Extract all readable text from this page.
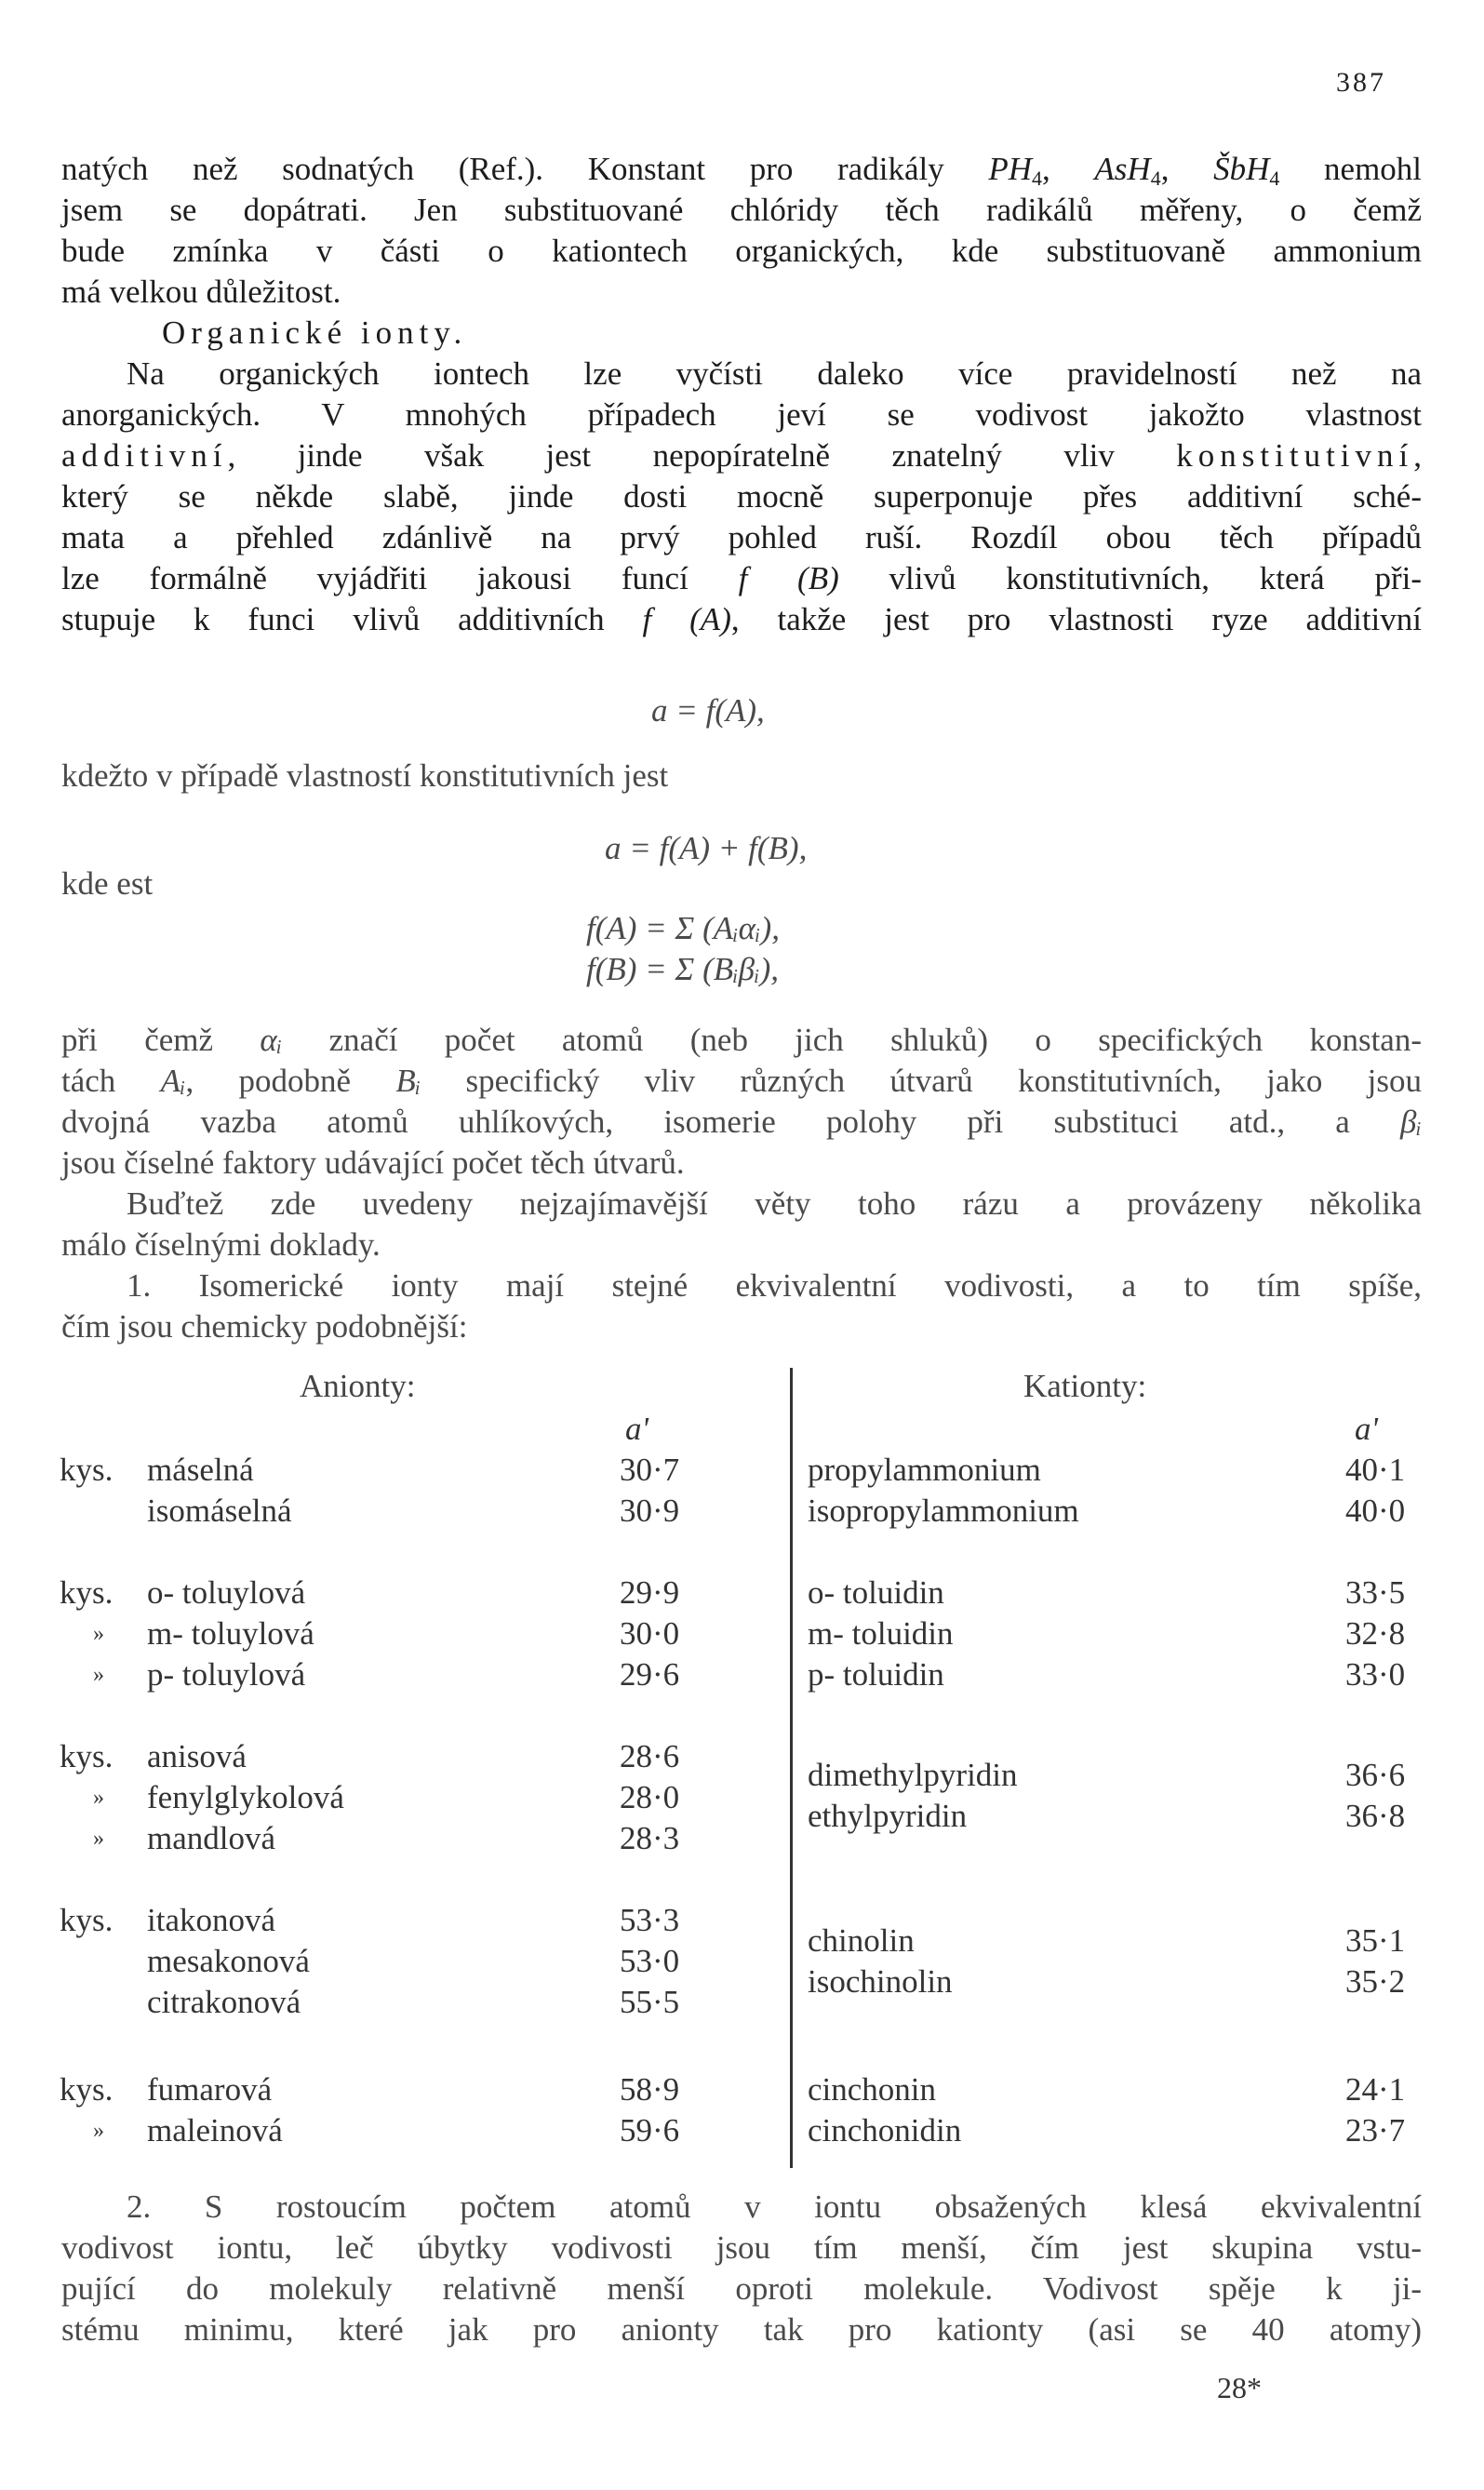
387
natých než sodnatých (Ref.). Konstant pro radikály $PH_4$, AsH$_4$, ŠbH$_4$ nemohl
jsem se dopátrati. Jen substituované chlóridy těch radikálů měřeny, o čemž
bude zmínka v části o kationtech organických, kde substituovaně ammonium
má velkou důležitost.
Organické ionty.
Na organických iontech lze vyčísti daleko více pravidelností než na
anorganických. V mnohých případech jeví se vodivost jakožto vlastnost
additivní, jinde však jest nepopíratelně znatelný vliv konstitutivní,
který se někde slabě, jinde dosti mocně superponuje přes additivní sché-
mata a přehled zdánlivě na prvý pohled ruší. Rozdíl obou těch případů
lze formálně vyjádřiti jakousi funcí f (B) vlivů konstitutivních, která při-
stupuje k funci vlivů additivních f (A), takže jest pro vlastnosti ryze additivní
a = f(A),
kdežto v případě vlastností konstitutivních jest
a = f(A) + f(B),
kde est
f(A) = Σ (Aᵢαᵢ),
f(B) = Σ (Bᵢβᵢ),
při čemž αᵢ značí počet atomů (neb jich shluků) o specifických konstan-
tách Aᵢ, podobně Bᵢ specifický vliv různých útvarů konstitutivních, jako jsou
dvojná vazba atomů uhlíkových, isomerie polohy při substituci atd., a βᵢ
jsou číselné faktory udávající počet těch útvarů.
Buďtež zde uvedeny nejzajímavější věty toho rázu a provázeny několika
málo číselnými doklady.
1. Isomerické ionty mají stejné ekvivalentní vodivosti, a to tím spíše,
čím jsou chemicky podobnější:
Anionty:	Kationty:
a'	a'
kys. máselná	30·7
isomáselná	30·9
kys. o- toluylová	29·9
» m- toluylová	30·0
» p- toluylová	29·6
kys. anisová	28·6
» fenylglykolová	28·0
» mandlová	28·3
kys. itakonová	53·3
mesakonová	53·0
citrakonová	55·5
kys. fumarová	58·9
» maleinová	59·6
propylammonium	40·1
isopropylammonium	40·0
o- toluidin	33·5
m- toluidin	32·8
p- toluidin	33·0
dimethylpyridin	36·6
ethylpyridin	36·8
chinolin	35·1
isochinolin	35·2
cinchonin	24·1
cinchonidin	23·7
2. S rostoucím počtem atomů v iontu obsažených klesá ekvivalentní
vodivost iontu, leč úbytky vodivosti jsou tím menší, čím jest skupina vstu-
pující do molekuly relativně menší oproti molekule. Vodivost spěje k ji-
stému minimu, které jak pro anionty tak pro kationty (asi se 40 atomy)
28*
